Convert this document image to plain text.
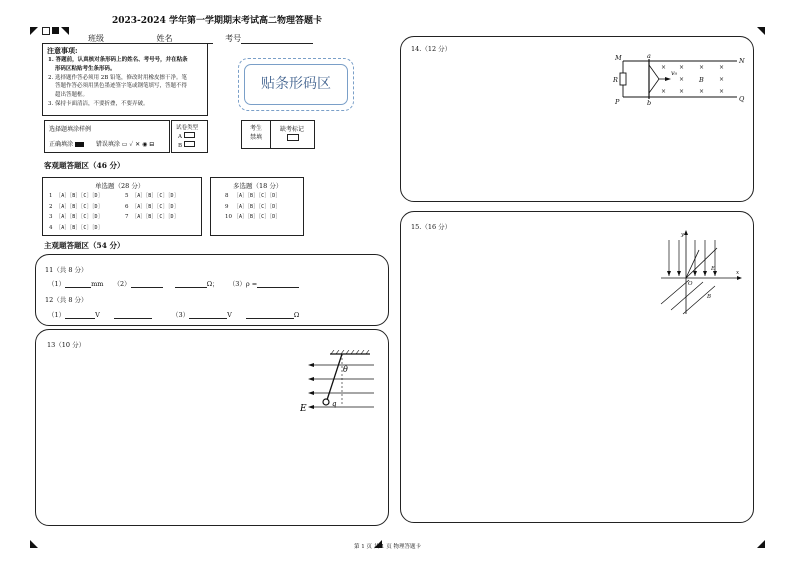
2023-2024 学年第一学期期末考试高二物理答题卡
班级	姓名	考号
注意事项:
1. 答题前，认真核对条形码上的姓名、考号号，并在粘条
形码区粘贴考生条形码。
2. 选择题作答必须用 2B 铅笔，修改时用橡皮擦干净。笔
答题作答必须用黑色墨迹签字笔或钢笔填写，答题不得
超出答题框。
3. 保持卡面清洁，不要折叠，不要弄破。
贴条形码区
选择题填涂样例
正确填涂	错误填涂 ▭ ✓ ✕ ◉ ⊟
试卷类型
A
B
考生
禁填
缺考标记
客观题答题区（46 分）
单选题（28 分）
1 ［A］［B］［C］［D］
2 ［A］［B］［C］［D］
3 ［A］［B］［C］［D］
4 ［A］［B］［C］［D］
5 ［A］［B］［C］［D］
6 ［A］［B］［C］［D］
7 ［A］［B］［C］［D］
多选题（18 分）
8 ［A］［B］［C］［D］
9 ［A］［B］［C］［D］
10 ［A］［B］［C］［D］
主观题答题区（54 分）
11（共 8 分）
（1）	mm （2）	Ω； （3）ρ =
12（共 8 分）
（1）	V	（3）	V	Ω
13（10 分）
θ
q
E
14.（12 分）
× × ×
×
×	×
× × × ×
M	a
N
R
v₀
B
P	b	Q
15.（16 分）
y
x
O
E
B
第 1 页 共 1 页 物理答题卡
